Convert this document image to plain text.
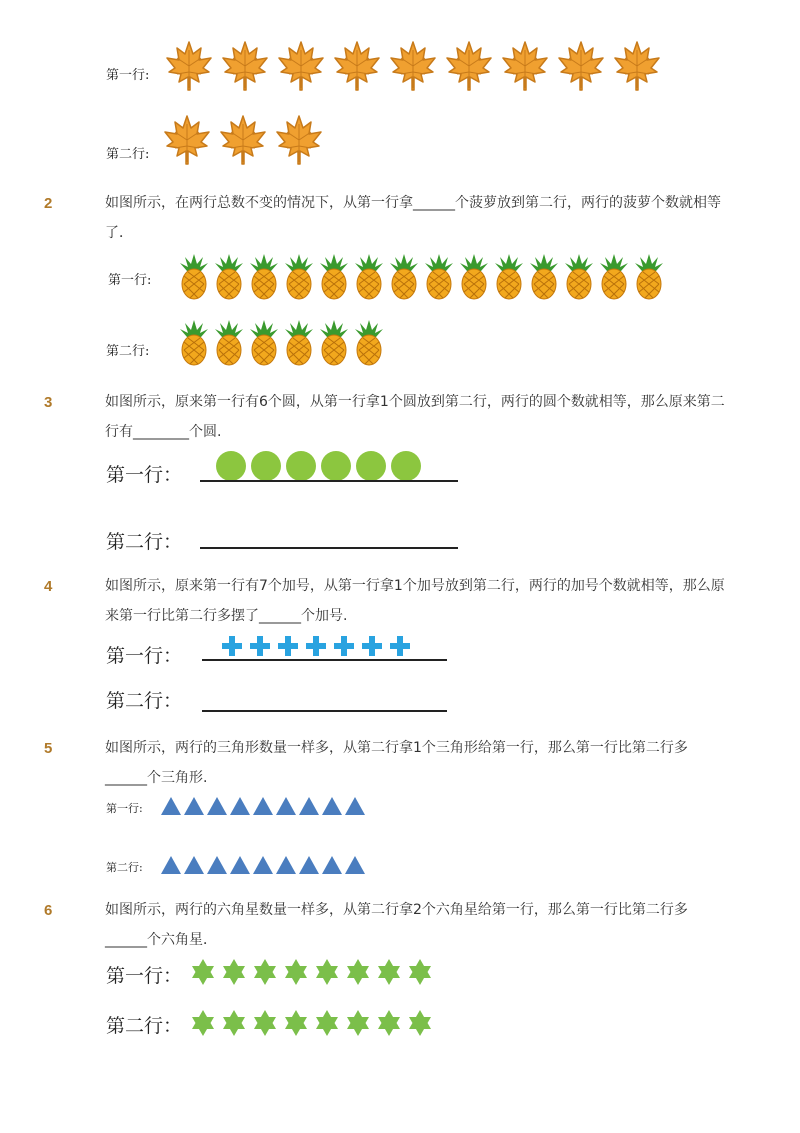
第一行:
第二行:
2	如图所示，在两行总数不变的情况下，从第一行拿______个菠萝放到第二行，两行的菠萝个数就相等了．
第一行:
第二行:
3	如图所示，原来第一行有6个圆，从第一行拿1个圆放到第二行，两行的圆个数就相等，那么原来第二行有________个圆.
第一行：
第二行：
4	如图所示，原来第一行有7个加号，从第一行拿1个加号放到第二行，两行的加号个数就相等，那么原来第一行比第二行多摆了______个加号.
第一行：
第二行：
5	如图所示，两行的三角形数量一样多，从第二行拿1个三角形给第一行，那么第一行比第二行多______个三角形.
第一行:
第二行:
6	如图所示，两行的六角星数量一样多，从第二行拿2个六角星给第一行，那么第一行比第二行多______个六角星．
第一行：
第二行：
